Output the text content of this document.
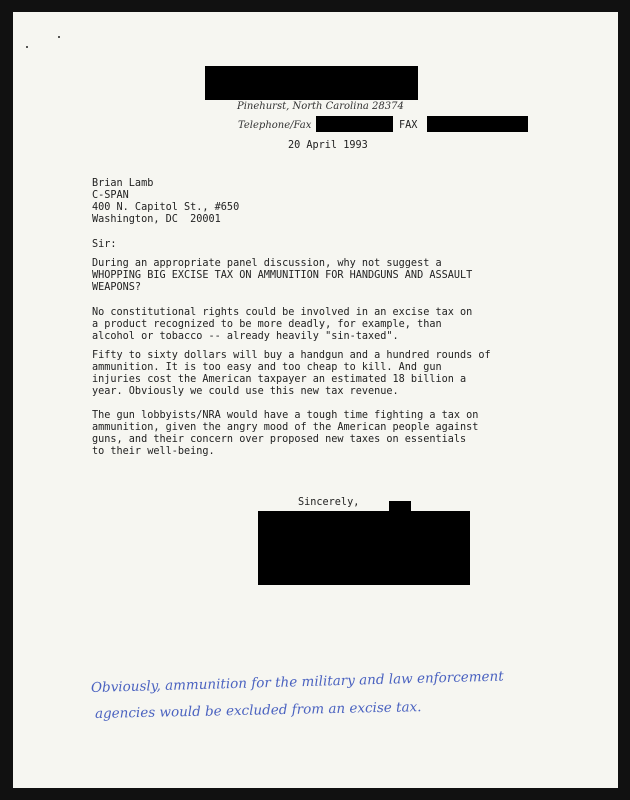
Pinehurst, North Carolina 28374
Telephone/Fax	FAX
20 April 1993
Brian Lamb
C-SPAN
400 N. Capitol St., #650
Washington, DC  20001
Sir:
During an appropriate panel discussion, why not suggest a
WHOPPING BIG EXCISE TAX ON AMMUNITION FOR HANDGUNS AND ASSAULT
WEAPONS?
No constitutional rights could be involved in an excise tax on
a product recognized to be more deadly, for example, than
alcohol or tobacco -- already heavily "sin-taxed".
Fifty to sixty dollars will buy a handgun and a hundred rounds of
ammunition. It is too easy and too cheap to kill. And gun
injuries cost the American taxpayer an estimated 18 billion a
year. Obviously we could use this new tax revenue.
The gun lobbyists/NRA would have a tough time fighting a tax on
ammunition, given the angry mood of the American people against
guns, and their concern over proposed new taxes on essentials
to their well-being.
Sincerely,
Obviously, ammunition for the military and law enforcement
agencies would be excluded from an excise tax.
